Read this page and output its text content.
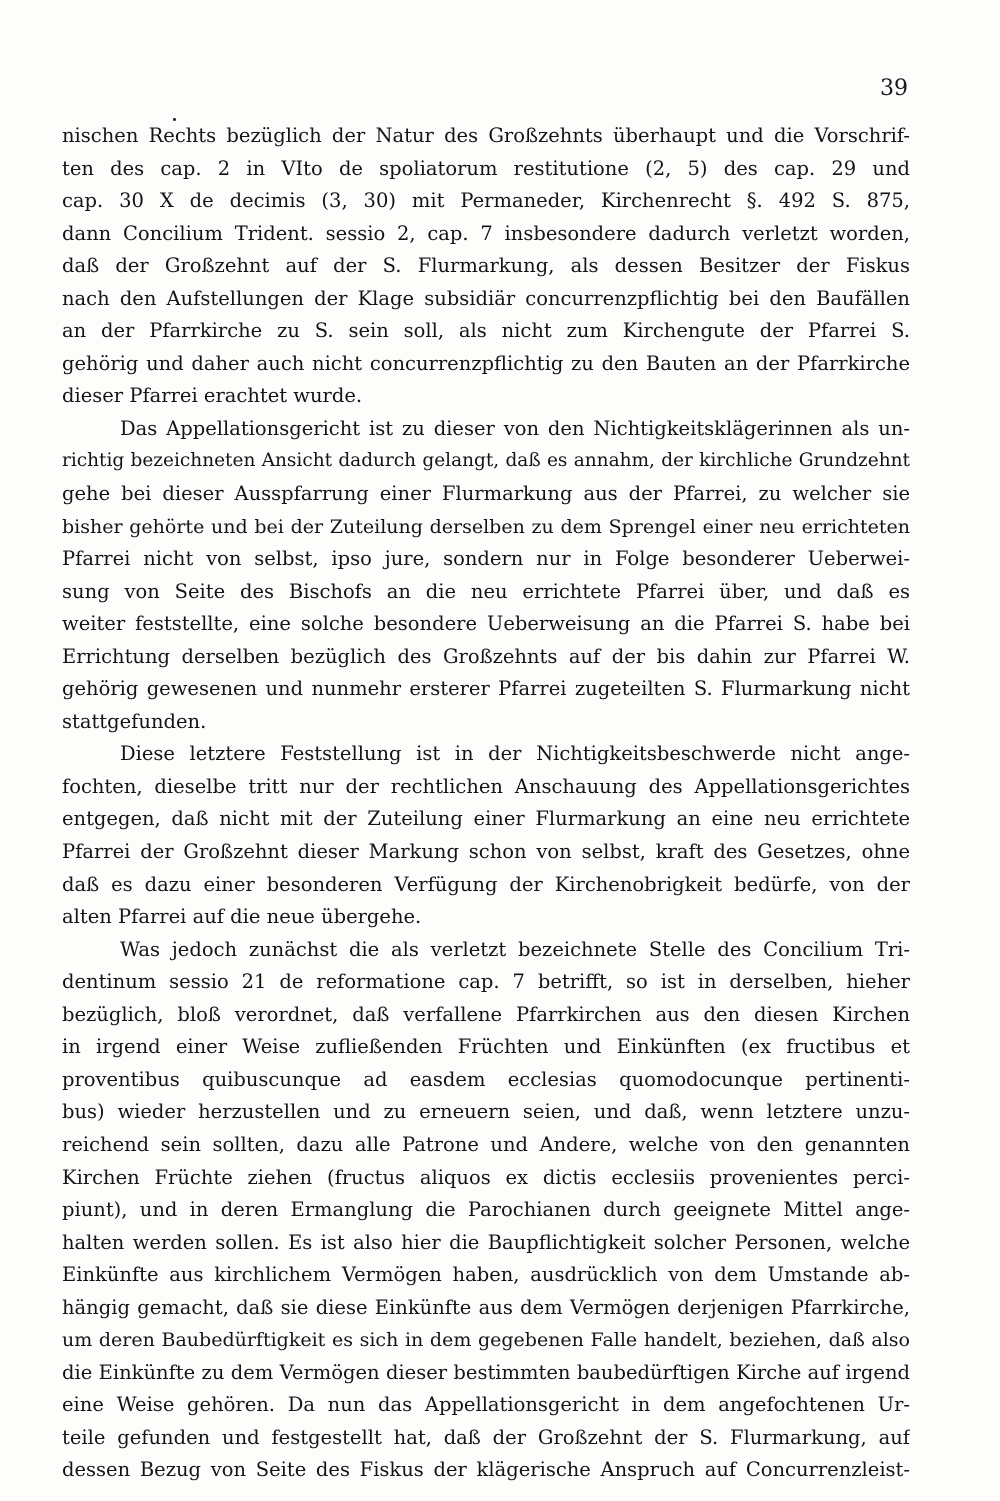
39
nischen Rechts bezüglich der Natur des Großzehnts überhaupt und die Vorschrif-
ten des cap. 2 in VIto de spoliatorum restitutione (2, 5) des cap. 29 und
cap. 30 X de decimis (3, 30) mit Permaneder, Kirchenrecht §. 492 S. 875,
dann Concilium Trident. sessio 2, cap. 7 insbesondere dadurch verletzt worden,
daß der Großzehnt auf der S. Flurmarkung, als dessen Besitzer der Fiskus
nach den Aufstellungen der Klage subsidiär concurrenzpflichtig bei den Baufällen
an der Pfarrkirche zu S. sein soll, als nicht zum Kirchengute der Pfarrei S.
gehörig und daher auch nicht concurrenzpflichtig zu den Bauten an der Pfarrkirche
dieser Pfarrei erachtet wurde.
Das Appellationsgericht ist zu dieser von den Nichtigkeitsklägerinnen als un-
richtig bezeichneten Ansicht dadurch gelangt, daß es annahm, der kirchliche Grundzehnt
gehe bei dieser Ausspfarrung einer Flurmarkung aus der Pfarrei, zu welcher sie
bisher gehörte und bei der Zuteilung derselben zu dem Sprengel einer neu errichteten
Pfarrei nicht von selbst, ipso jure, sondern nur in Folge besonderer Ueberwei-
sung von Seite des Bischofs an die neu errichtete Pfarrei über, und daß es
weiter feststellte, eine solche besondere Ueberweisung an die Pfarrei S. habe bei
Errichtung derselben bezüglich des Großzehnts auf der bis dahin zur Pfarrei W.
gehörig gewesenen und nunmehr ersterer Pfarrei zugeteilten S. Flurmarkung nicht
stattgefunden.
Diese letztere Feststellung ist in der Nichtigkeitsbeschwerde nicht ange-
fochten, dieselbe tritt nur der rechtlichen Anschauung des Appellationsgerichtes
entgegen, daß nicht mit der Zuteilung einer Flurmarkung an eine neu errichtete
Pfarrei der Großzehnt dieser Markung schon von selbst, kraft des Gesetzes, ohne
daß es dazu einer besonderen Verfügung der Kirchenobrigkeit bedürfe, von der
alten Pfarrei auf die neue übergehe.
Was jedoch zunächst die als verletzt bezeichnete Stelle des Concilium Tri-
dentinum sessio 21 de reformatione cap. 7 betrifft, so ist in derselben, hieher
bezüglich, bloß verordnet, daß verfallene Pfarrkirchen aus den diesen Kirchen
in irgend einer Weise zufließenden Früchten und Einkünften (ex fructibus et
proventibus quibuscunque ad easdem ecclesias quomodocunque pertinenti-
bus) wieder herzustellen und zu erneuern seien, und daß, wenn letztere unzu-
reichend sein sollten, dazu alle Patrone und Andere, welche von den genannten
Kirchen Früchte ziehen (fructus aliquos ex dictis ecclesiis provenientes perci-
piunt), und in deren Ermanglung die Parochianen durch geeignete Mittel ange-
halten werden sollen. Es ist also hier die Baupflichtigkeit solcher Personen, welche
Einkünfte aus kirchlichem Vermögen haben, ausdrücklich von dem Umstande ab-
hängig gemacht, daß sie diese Einkünfte aus dem Vermögen derjenigen Pfarrkirche,
um deren Baubedürftigkeit es sich in dem gegebenen Falle handelt, beziehen, daß also
die Einkünfte zu dem Vermögen dieser bestimmten baubedürftigen Kirche auf irgend
eine Weise gehören. Da nun das Appellationsgericht in dem angefochtenen Ur-
teile gefunden und festgestellt hat, daß der Großzehnt der S. Flurmarkung, auf
dessen Bezug von Seite des Fiskus der klägerische Anspruch auf Concurrenzleist-
